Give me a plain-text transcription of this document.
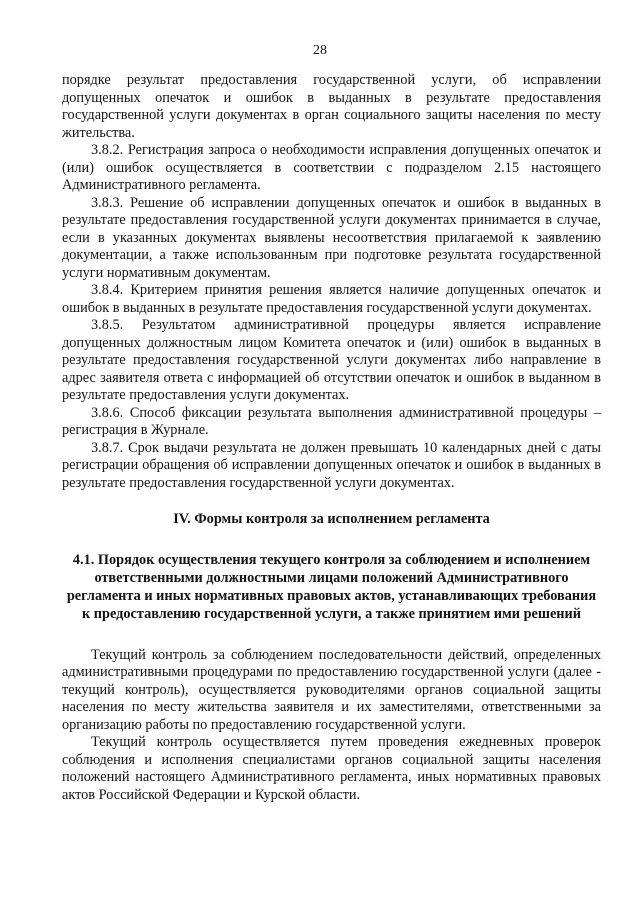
28

порядке результат предоставления государственной услуги, об исправлении допущенных опечаток и ошибок в выданных в результате предоставления государственной услуги документах в орган социального защиты населения по месту жительства.

3.8.2. Регистрация запроса о необходимости исправления допущенных опечаток и (или) ошибок осуществляется в соответствии с подразделом 2.15 настоящего Административного регламента.

3.8.3. Решение об исправлении допущенных опечаток и ошибок в выданных в результате предоставления государственной услуги документах принимается в случае, если в указанных документах выявлены несоответствия прилагаемой к заявлению документации, а также использованным при подготовке результата государственной услуги нормативным документам.

3.8.4. Критерием принятия решения является наличие допущенных опечаток и ошибок в выданных в результате предоставления государственной услуги документах.

3.8.5. Результатом административной процедуры является исправление допущенных должностным лицом Комитета опечаток и (или) ошибок в выданных в результате предоставления государственной услуги документах либо направление в адрес заявителя ответа с информацией об отсутствии опечаток и ошибок в выданном в результате предоставления услуги документах.

3.8.6. Способ фиксации результата выполнения административной процедуры – регистрация в Журнале.

3.8.7. Срок выдачи результата не должен превышать 10 календарных дней с даты регистрации обращения об исправлении допущенных опечаток и ошибок в выданных в результате предоставления государственной услуги документах.

IV. Формы контроля за исполнением регламента
4.1. Порядок осуществления текущего контроля за соблюдением и исполнением ответственными должностными лицами положений Административного регламента и иных нормативных правовых актов, устанавливающих требования к предоставлению государственной услуги, а также принятием ими решений

Текущий контроль за соблюдением последовательности действий, определенных административными процедурами по предоставлению государственной услуги (далее - текущий контроль), осуществляется руководителями органов социальной защиты населения по месту жительства заявителя и их заместителями, ответственными за организацию работы по предоставлению государственной услуги.

Текущий контроль осуществляется путем проведения ежедневных проверок соблюдения и исполнения специалистами органов социальной защиты населения положений настоящего Административного регламента, иных нормативных правовых актов Российской Федерации и Курской области.
